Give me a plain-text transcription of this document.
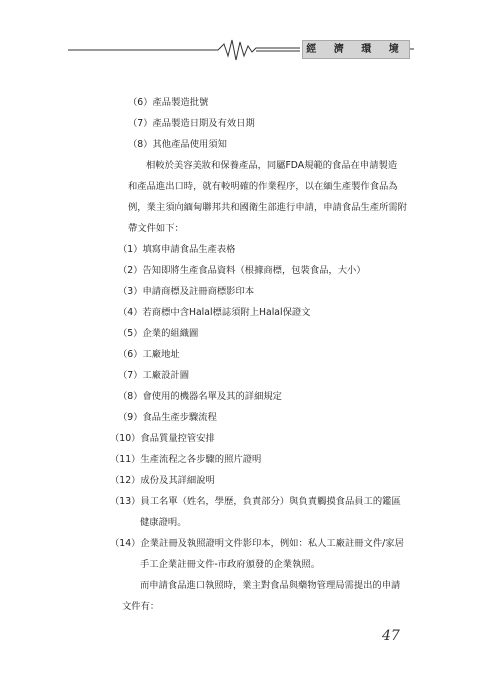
經 濟 環 境
（6）產品製造批號
（7）產品製造日期及有效日期
（8）其他產品使用須知
相較於美容美妝和保養產品，同屬FDA規範的食品在申請製造
和產品進出口時，就有較明確的作業程序，以在緬生產製作食品為
例，業主須向緬甸聯邦共和國衛生部進行申請，申請食品生產所需附
帶文件如下：
（1）填寫申請食品生產表格
（2）告知即將生產食品資料（根據商標，包裝食品，大小）
（3）申請商標及註冊商標影印本
（4）若商標中含Halal標誌須附上Halal保證文
（5）企業的組織圖
（6）工廠地址
（7）工廠設計圖
（8）會使用的機器名單及其的詳細規定
（9）食品生產步驟流程
（10）食品質量控管安排
（11）生產流程之各步驟的照片證明
（12）成份及其詳細說明
（13）員工名單（姓名，學歷，負責部分）與負責觸摸食品員工的鑑區
健康證明。
（14）企業註冊及執照證明文件影印本，例如：私人工廠註冊文件/家居
手工企業註冊文件-市政府頒發的企業執照。
而申請食品進口執照時，業主對食品與藥物管理局需提出的申請
文件有：
47
